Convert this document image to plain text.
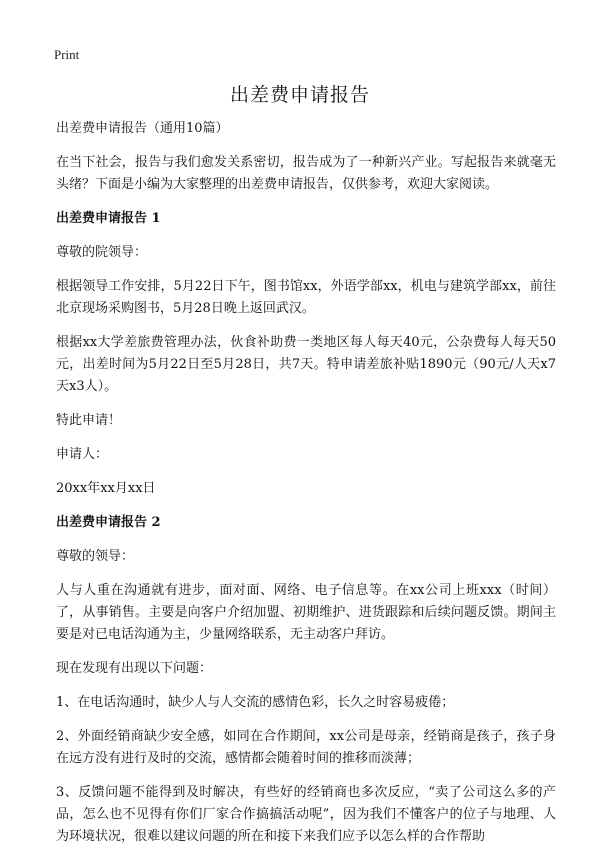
Print
出差费申请报告

出差费申请报告（通用10篇）

在当下社会，报告与我们愈发关系密切，报告成为了一种新兴产业。写起报告来就毫无头绪？下面是小编为大家整理的出差费申请报告，仅供参考，欢迎大家阅读。

出差费申请报告 1

尊敬的院领导：

根据领导工作安排，5月22日下午，图书馆xx，外语学部xx，机电与建筑学部xx，前往北京现场采购图书，5月28日晚上返回武汉。

根据xx大学差旅费管理办法，伙食补助费一类地区每人每天40元，公杂费每人每天50元，出差时间为5月22日至5月28日，共7天。特申请差旅补贴1890元（90元/人天x7天x3人）。

特此申请！

申请人：

20xx年xx月xx日

出差费申请报告 2

尊敬的领导：

人与人重在沟通就有进步，面对面、网络、电子信息等。在xx公司上班xxx（时间）了，从事销售。主要是向客户介绍加盟、初期维护、进货跟踪和后续问题反馈。期间主要是对已电话沟通为主，少量网络联系，无主动客户拜访。

现在发现有出现以下问题：

1、在电话沟通时，缺少人与人交流的感情色彩，长久之时容易疲倦；

2、外面经销商缺少安全感，如同在合作期间，xx公司是母亲，经销商是孩子，孩子身在远方没有进行及时的交流，感情都会随着时间的推移而淡薄；

3、反馈问题不能得到及时解决，有些好的经销商也多次反应，“卖了公司这么多的产品，怎么也不见得有你们厂家合作搞搞活动呢”，因为我们不懂客户的位子与地理、人为环境状况，很难以建议问题的所在和接下来我们应予以怎么样的合作帮助
